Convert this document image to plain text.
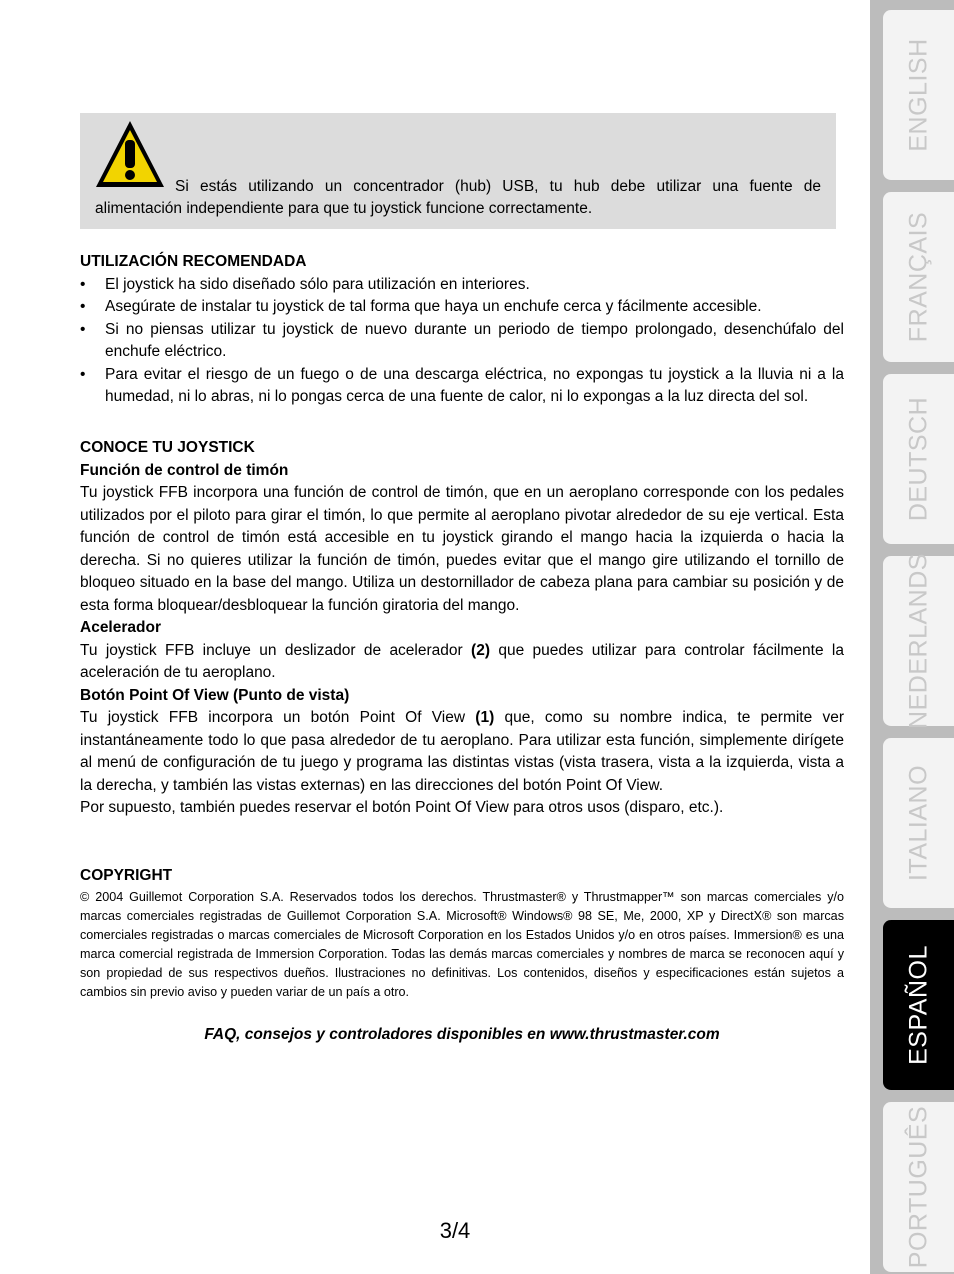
Si estás utilizando un concentrador (hub) USB, tu hub debe utilizar una fuente de alimentación independiente para que tu joystick funcione correctamente.
UTILIZACIÓN RECOMENDADA
• El joystick ha sido diseñado sólo para utilización en interiores.
• Asegúrate de instalar tu joystick de tal forma que haya un enchufe cerca y fácilmente accesible.
• Si no piensas utilizar tu joystick de nuevo durante un periodo de tiempo prolongado, desenchúfalo del enchufe eléctrico.
• Para evitar el riesgo de un fuego o de una descarga eléctrica, no expongas tu joystick a la lluvia ni a la humedad, ni lo abras, ni lo pongas cerca de una fuente de calor, ni lo expongas a la luz directa del sol.
CONOCE TU JOYSTICK
Función de control de timón

Tu joystick FFB incorpora una función de control de timón, que en un aeroplano corresponde con los pedales utilizados por el piloto para girar el timón, lo que permite al aeroplano pivotar alrededor de su eje vertical. Esta función de control de timón está accesible en tu joystick girando el mango hacia la izquierda o hacia la derecha. Si no quieres utilizar la función de timón, puedes evitar que el mango gire utilizando el tornillo de bloqueo situado en la base del mango. Utiliza un destornillador de cabeza plana para cambiar su posición y de esta forma bloquear/desbloquear la función giratoria del mango.

Acelerador

Tu joystick FFB incluye un deslizador de acelerador (2) que puedes utilizar para controlar fácilmente la aceleración de tu aeroplano.

Botón Point Of View (Punto de vista)

Tu joystick FFB incorpora un botón Point Of View (1) que, como su nombre indica, te permite ver instantáneamente todo lo que pasa alrededor de tu aeroplano. Para utilizar esta función, simplemente dirígete al menú de configuración de tu juego y programa las distintas vistas (vista trasera, vista a la izquierda, vista a la derecha, y también las vistas externas) en las direcciones del botón Point Of View.

Por supuesto, también puedes reservar el botón Point Of View para otros usos (disparo, etc.).

COPYRIGHT

© 2004 Guillemot Corporation S.A. Reservados todos los derechos. Thrustmaster® y Thrustmapper™ son marcas comerciales y/o marcas comerciales registradas de Guillemot Corporation S.A. Microsoft® Windows® 98 SE, Me, 2000, XP y DirectX® son marcas comerciales registradas o marcas comerciales de Microsoft Corporation en los Estados Unidos y/o en otros países. Immersion® es una marca comercial registrada de Immersion Corporation. Todas las demás marcas comerciales y nombres de marca se reconocen aquí y son propiedad de sus respectivos dueños. Ilustraciones no definitivas. Los contenidos, diseños y especificaciones están sujetos a cambios sin previo aviso y pueden variar de un país a otro.

FAQ, consejos y controladores disponibles en www.thrustmaster.com
3/4
ENGLISH
FRANÇAIS
DEUTSCH
NEDERLANDS
ITALIANO
ESPAÑOL
PORTUGUÊS
